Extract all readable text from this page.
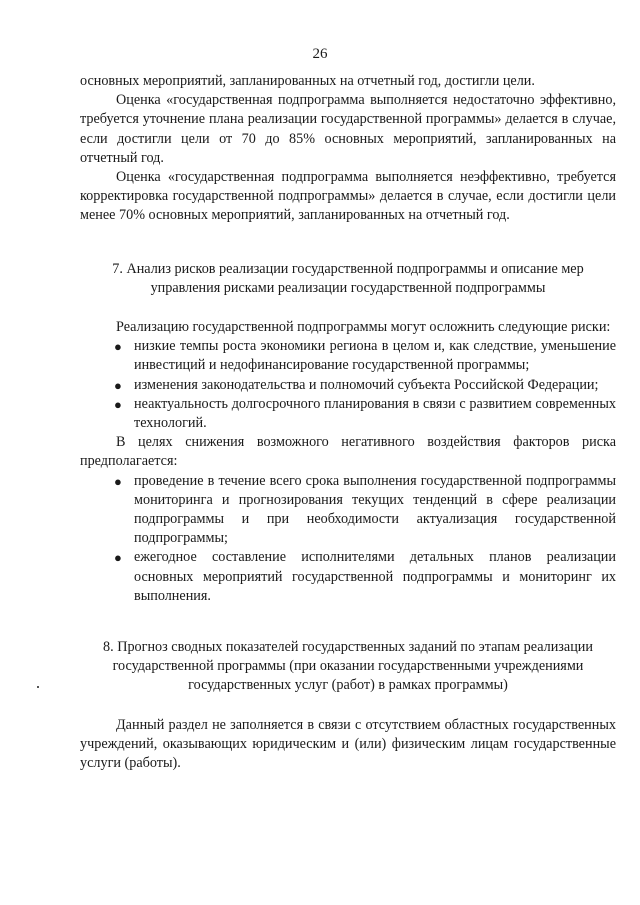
26

основных мероприятий, запланированных на отчетный год, достигли цели.

Оценка «государственная подпрограмма выполняется недостаточно эффективно, требуется уточнение плана реализации государственной программы» делается в случае, если достигли цели от 70 до 85% основных мероприятий, запланированных на отчетный год.

Оценка «государственная подпрограмма выполняется неэффективно, требуется корректировка государственной подпрограммы» делается в случае, если достигли цели менее 70% основных мероприятий, запланированных на отчетный год.

7. Анализ рисков реализации государственной подпрограммы и описание мер
управления рисками реализации государственной подпрограммы

Реализацию государственной подпрограммы могут осложнить следующие риски:

● низкие темпы роста экономики региона в целом и, как следствие, уменьшение инвестиций и недофинансирование государственной программы;
● изменения законодательства и полномочий субъекта Российской Федерации;
● неактуальность долгосрочного планирования в связи с развитием современных технологий.

В целях снижения возможного негативного воздействия факторов риска предполагается:

● проведение в течение всего срока выполнения государственной подпрограммы мониторинга и прогнозирования текущих тенденций в сфере реализации подпрограммы и при необходимости актуализация государственной подпрограммы;
● ежегодное составление исполнителями детальных планов реализации основных мероприятий государственной подпрограммы и мониторинг их выполнения.
8. Прогноз сводных показателей государственных заданий по этапам реализации
государственной программы (при оказании государственными учреждениями
государственных услуг (работ) в рамках программы)

Данный раздел не заполняется в связи с отсутствием областных государственных учреждений, оказывающих юридическим и (или) физическим лицам государственные услуги (работы).
